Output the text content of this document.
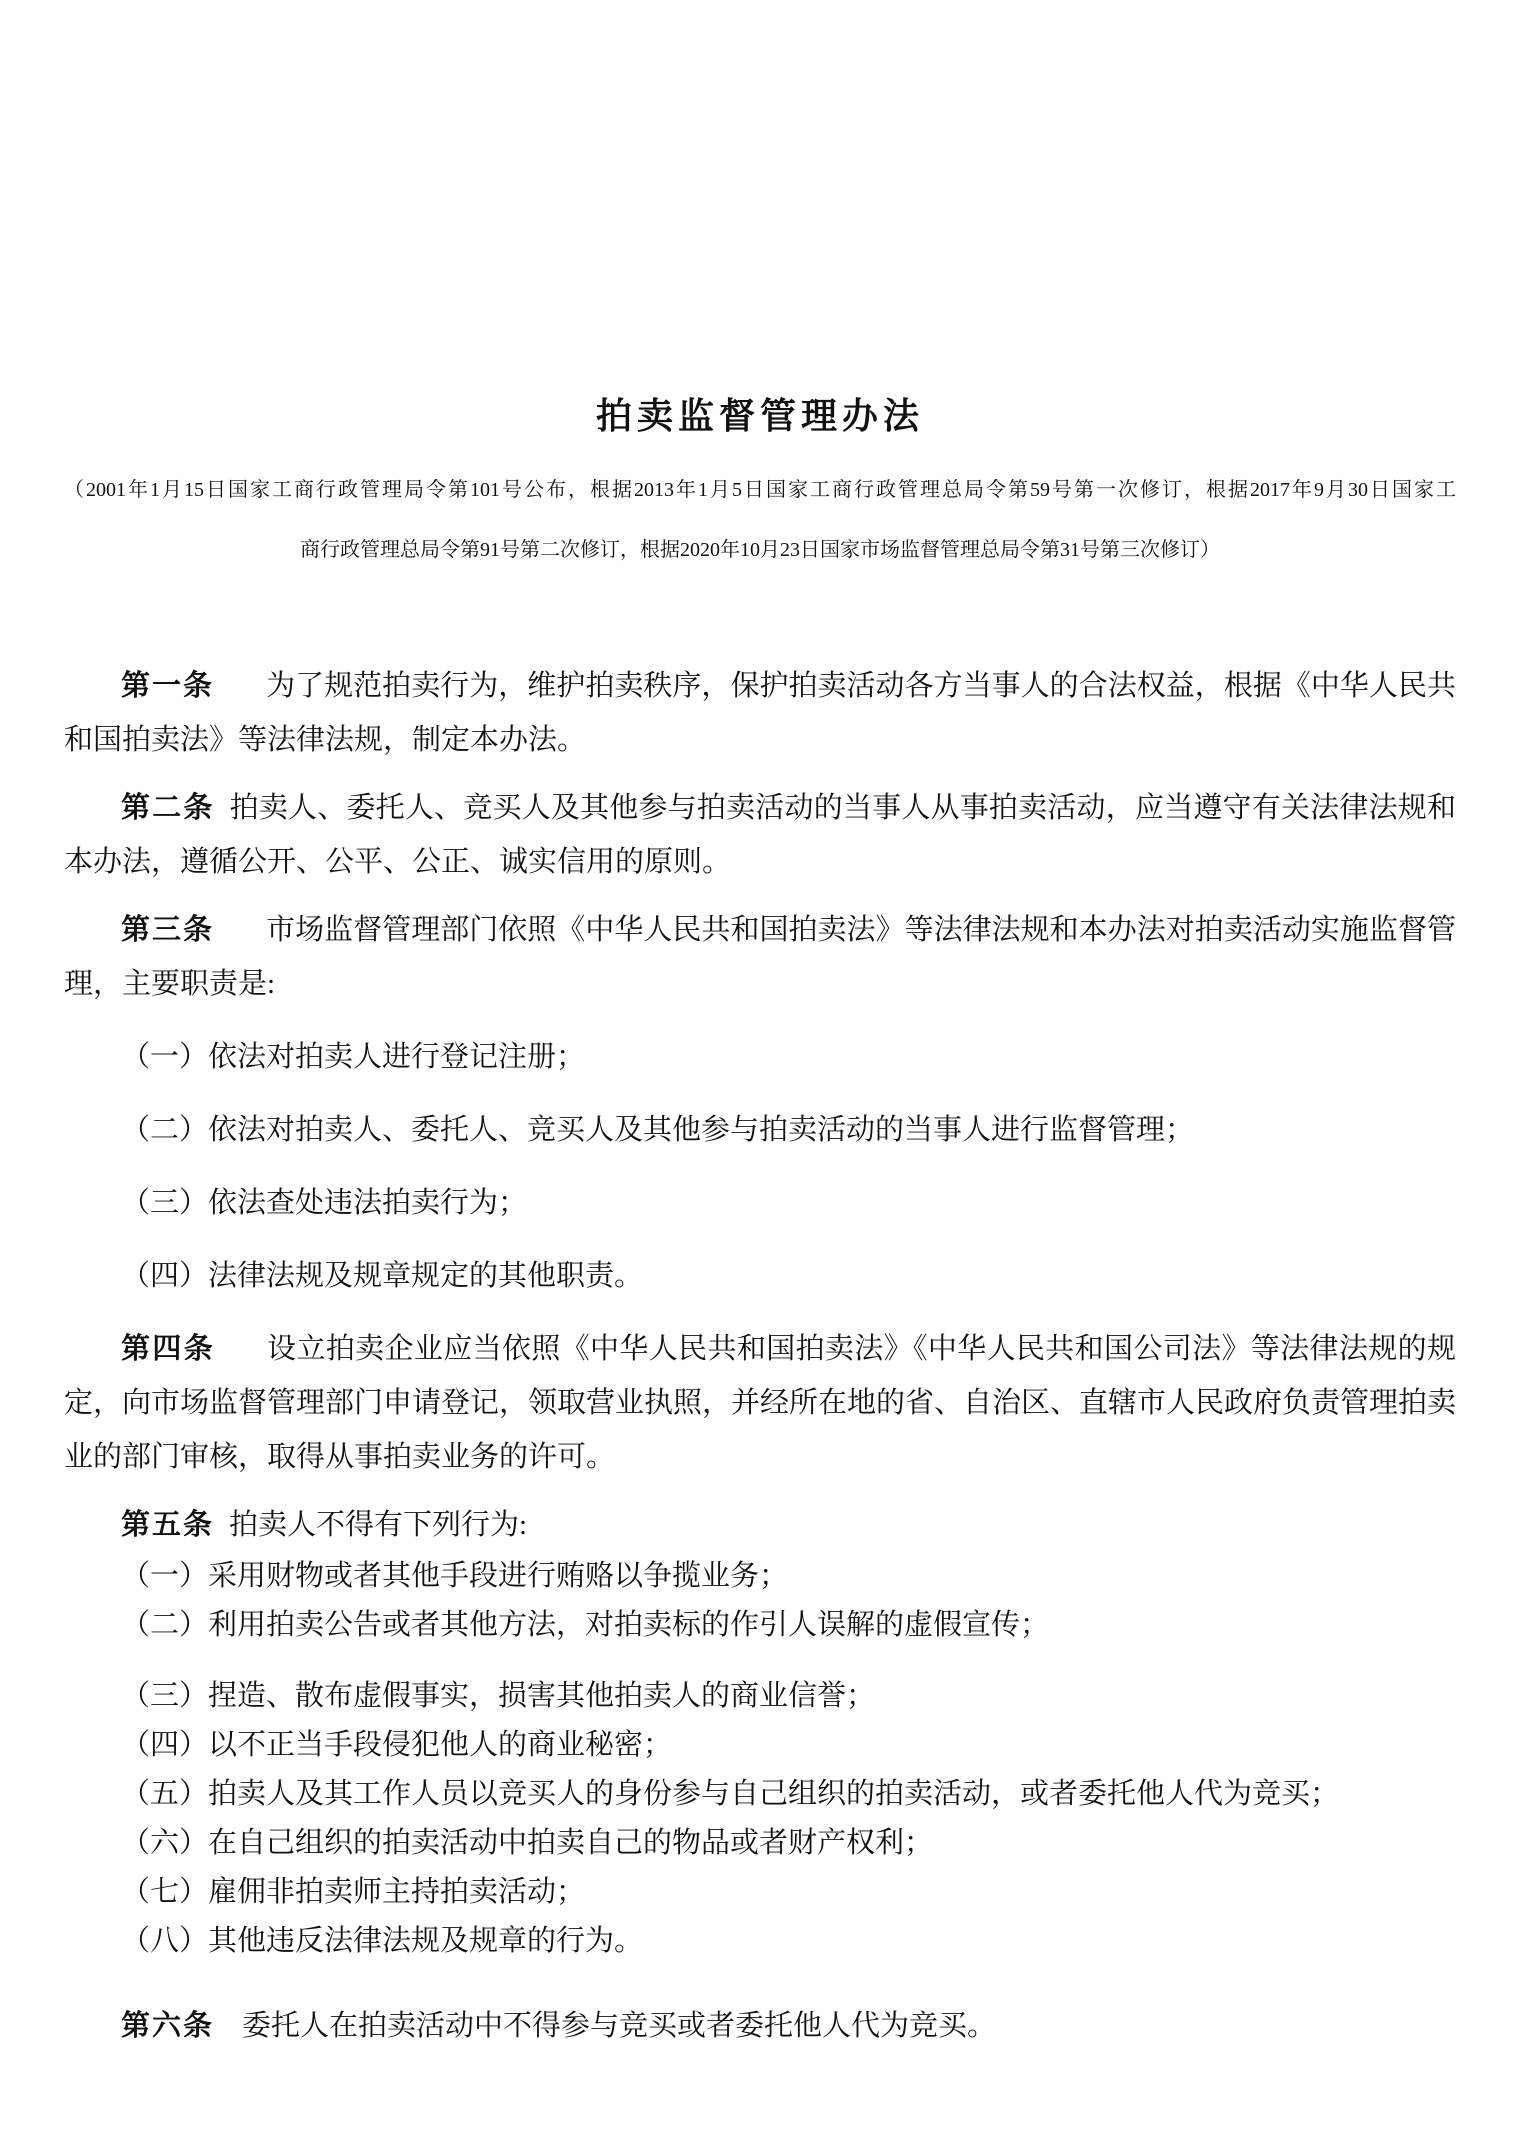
拍卖监督管理办法
（2001年1月15日国家工商行政管理局令第101号公布，根据2013年1月5日国家工商行政管理总局令第59号第一次修订，根据2017年9月30日国家工
商行政管理总局令第91号第二次修订，根据2020年10月23日国家市场监督管理总局令第31号第三次修订）

第一条 为了规范拍卖行为，维护拍卖秩序，保护拍卖活动各方当事人的合法权益，根据《中华人民共和国拍卖法》等法律法规，制定本办法。

第二条 拍卖人、委托人、竞买人及其他参与拍卖活动的当事人从事拍卖活动，应当遵守有关法律法规和本办法，遵循公开、公平、公正、诚实信用的原则。

第三条 市场监督管理部门依照《中华人民共和国拍卖法》等法律法规和本办法对拍卖活动实施监督管理，主要职责是:

（一）依法对拍卖人进行登记注册；

（二）依法对拍卖人、委托人、竞买人及其他参与拍卖活动的当事人进行监督管理；

（三）依法查处违法拍卖行为；

（四）法律法规及规章规定的其他职责。

第四条 设立拍卖企业应当依照《中华人民共和国拍卖法》《中华人民共和国公司法》等法律法规的规定，向市场监督管理部门申请登记，领取营业执照，并经所在地的省、自治区、直辖市人民政府负责管理拍卖业的部门审核，取得从事拍卖业务的许可。

第五条 拍卖人不得有下列行为:

（一）采用财物或者其他手段进行贿赂以争揽业务；
（二）利用拍卖公告或者其他方法，对拍卖标的作引人误解的虚假宣传；
（三）捏造、散布虚假事实，损害其他拍卖人的商业信誉；
（四）以不正当手段侵犯他人的商业秘密；
（五）拍卖人及其工作人员以竞买人的身份参与自己组织的拍卖活动，或者委托他人代为竞买；
（六）在自己组织的拍卖活动中拍卖自己的物品或者财产权利；
（七）雇佣非拍卖师主持拍卖活动；
（八）其他违反法律法规及规章的行为。

第六条 委托人在拍卖活动中不得参与竞买或者委托他人代为竞买。
